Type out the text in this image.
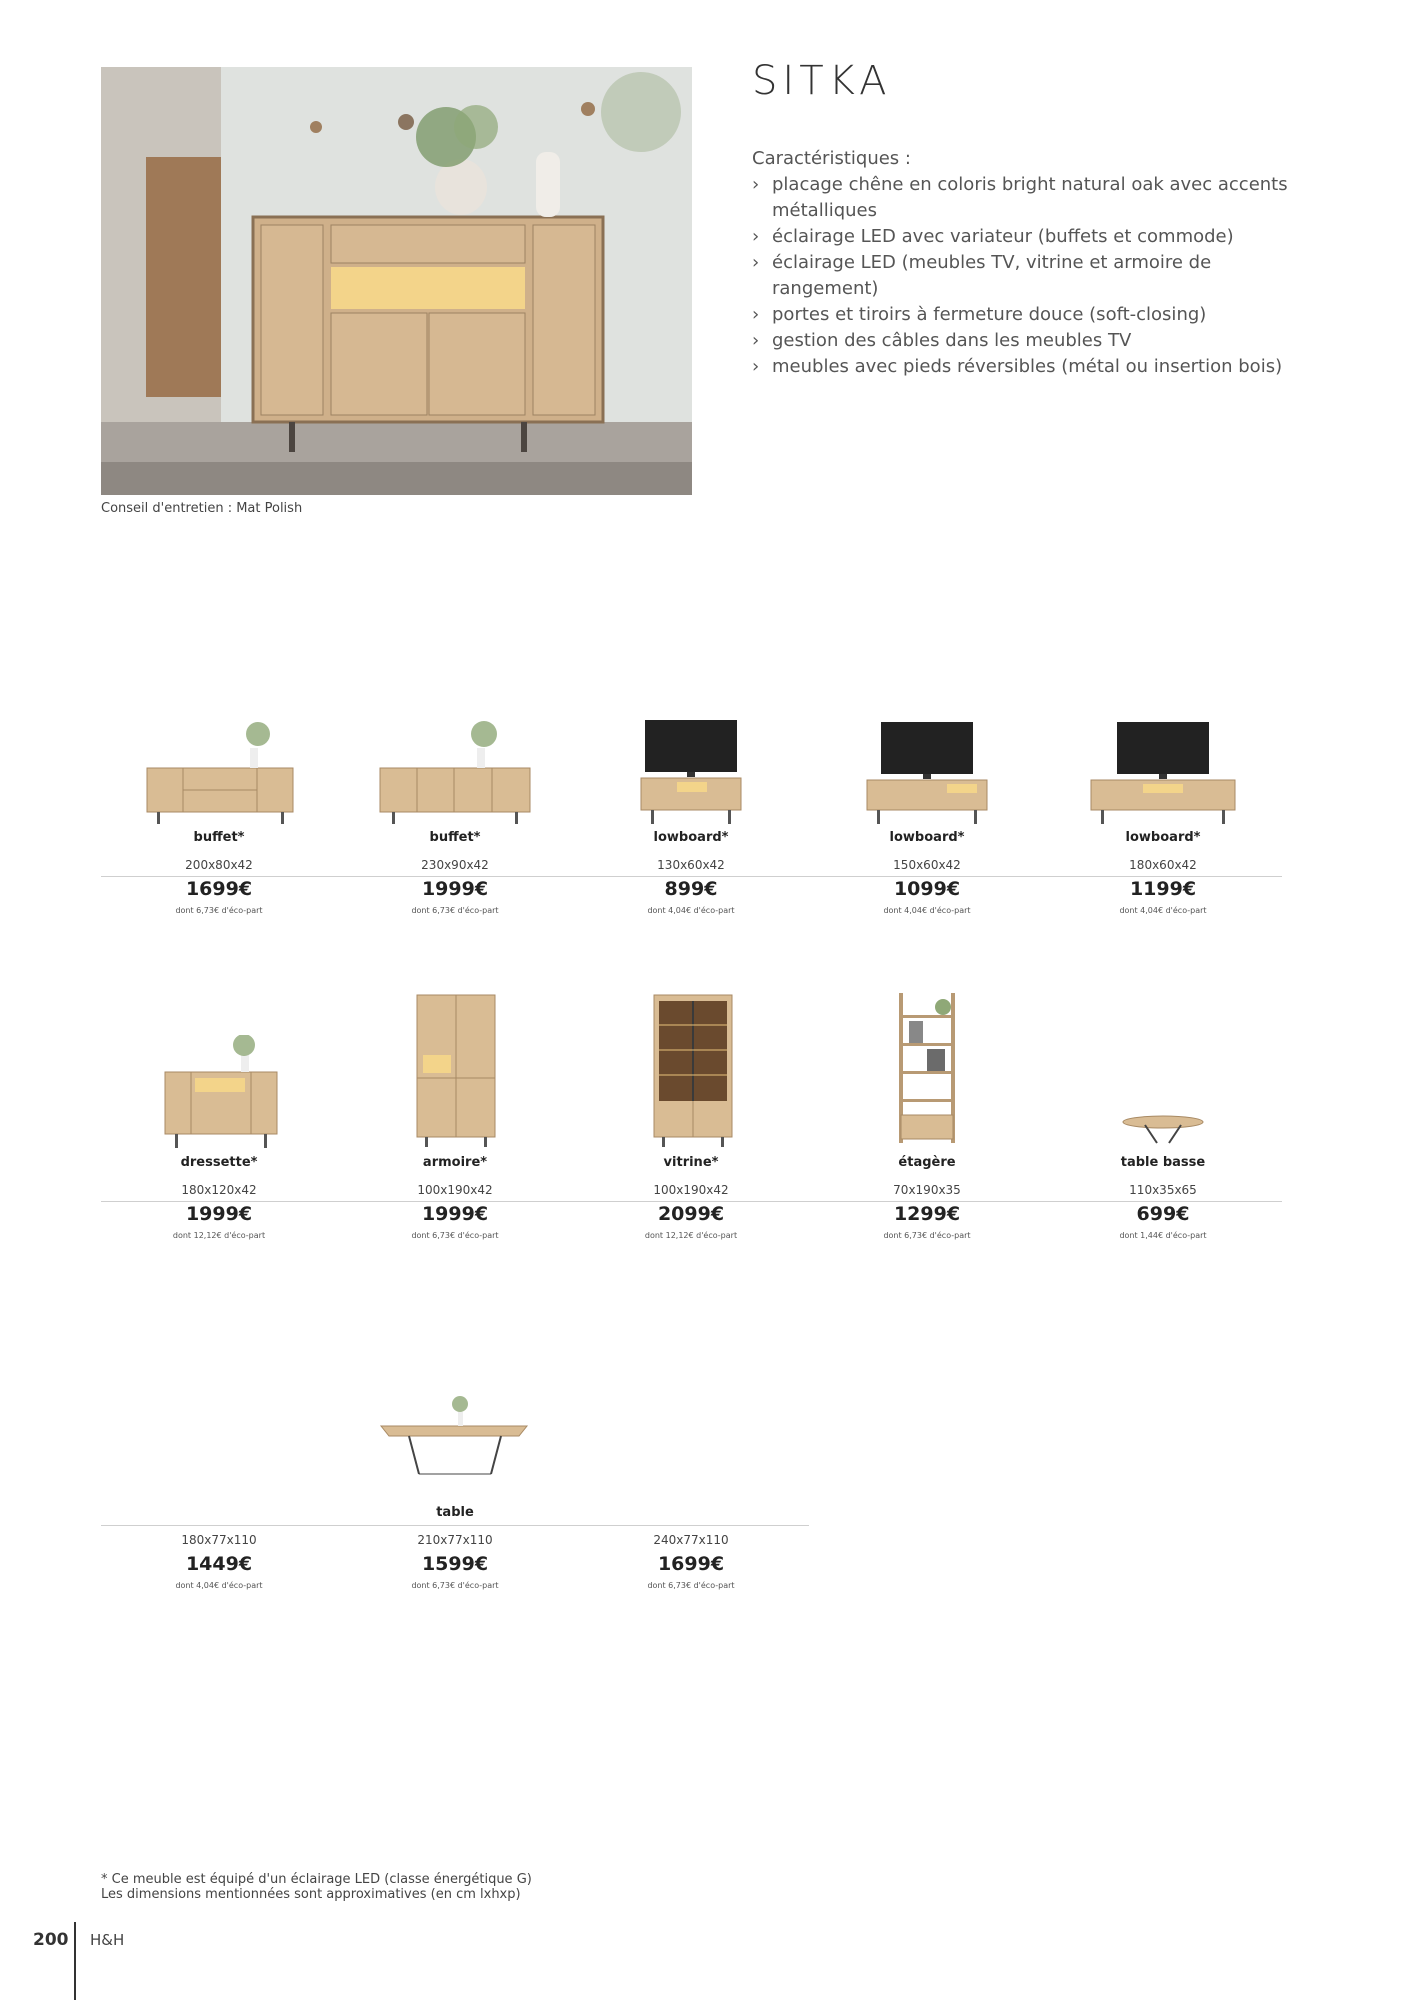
Conseil d'entretien : Mat Polish
SITKA
Caractéristiques :
› placage chêne en coloris bright natural oak avec accents métalliques
› éclairage LED avec variateur (buffets et commode)
› éclairage LED (meubles TV, vitrine et armoire de rangement)
› portes et tiroirs à fermeture douce (soft-closing)
› gestion des câbles dans les meubles TV
› meubles avec pieds réversibles (métal ou insertion bois)
buffet*
200x80x42
1699€
dont 6,73€ d'éco-part
buffet*
230x90x42
1999€
dont 6,73€ d'éco-part
lowboard*
130x60x42
899€
dont 4,04€ d'éco-part
lowboard*
150x60x42
1099€
dont 4,04€ d'éco-part
lowboard*
180x60x42
1199€
dont 4,04€ d'éco-part
dressette*
180x120x42
1999€
dont 12,12€ d'éco-part
armoire*
100x190x42
1999€
dont 6,73€ d'éco-part
vitrine*
100x190x42
2099€
dont 12,12€ d'éco-part
étagère
70x190x35
1299€
dont 6,73€ d'éco-part
table basse
110x35x65
699€
dont 1,44€ d'éco-part
180x77x110
1449€
dont 4,04€ d'éco-part
table
210x77x110
1599€
dont 6,73€ d'éco-part
240x77x110
1699€
dont 6,73€ d'éco-part
* Ce meuble est équipé d'un éclairage LED (classe énergétique G)
Les dimensions mentionnées sont approximatives (en cm lxhxp)
200 H&H
